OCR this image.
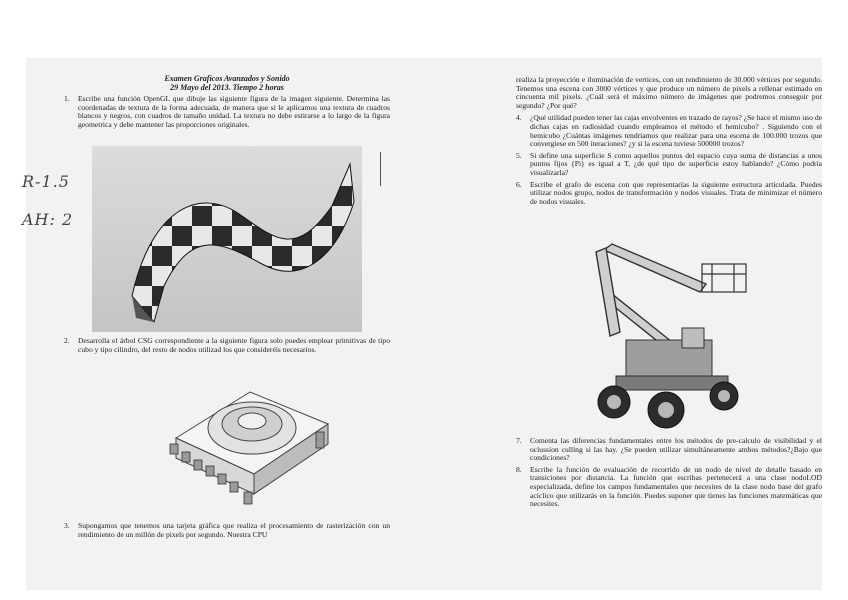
R-1.5
AH: 2
Examen Graficos Avanzados y Sonido
29 Mayo del 2013. Tiempo 2 horas
1. Escribe una función OpenGL que dibuje las siguiente figura de la imagen siguiente. Determina las coordenadas de textura de la forma adecuada, de manera que si le aplicamos una textura de cuadros blancos y negros, con cuadros de tamaño unidad. La textura no debe estirarse a lo largo de la figura geometrica y debe mantener las proporciones originales.
2. Desarrolla el árbol CSG correspondiente a la siguiente figura solo puedes emplear primitivas de tipo cubo y tipo cilindro, del resto de nodos utilizad los que consideréis necesarios.
3. Supongamos que tenemos una tarjeta gráfica que realiza el procesamiento de rasterización con un rendimiento de un millón de pixels por segundo. Nuestra CPU
realiza la proyección e iluminación de vertices, con un rendimiento de 30.000 vértices por segundo. Tenemos una escena con 3000 vértices y que produce un número de pixels a rellenar estimado en cincuenta mil pixels. ¿Cuál será el máximo número de imágenes que podremos conseguir por segundo? ¿Por qué?
4. ¿Qué utilidad pueden tener las cajas envolventes en trazado de rayos? ¿Se hace el mismo uso de dichas cajas en radiosidad cuando empleamos el método el hemicubo? . Siguiendo con el hemicubo ¿Cuántas imágenes tendríamos que realizar para una escena de 100.000 trozos que convergiese en 500 iteraciones? ¿y si la escena tuviese 500000 trozos?
5. Si define una superficie S como aquellos puntos del espacio cuya suma de distancias a unos puntos fijos {Pi} es igual a T, ¿de qué tipo de superficie estoy hablando? ¿Cómo podría visualizarla?
6. Escribe el grafo de escena con que representarías la siguiente estructura articulada. Puedes utilizar nodos grupo, nodos de transformación y nodos visuales. Trata de minimizar el número de nodos visuales.
7. Comenta las diferencias fundamentales entre los métodos de pre-calculo de visibilidad y el oclussion culling si las hay. ¿Se pueden utilizar simultáneamente ambos métodos?¿Bajo que condiciones?
8. Escribe la función de evaluación de recorrido de un nodo de nivel de detalle basado en transiciones por distancia. La función que escribas pertenecerá a una clase nodoLOD especializada, define los campos fundamentales que necesites de la clase nodo base del grafo acíclico que utilizarás en la función. Puedes suponer que tienes las funciones matemáticas que necesites.
